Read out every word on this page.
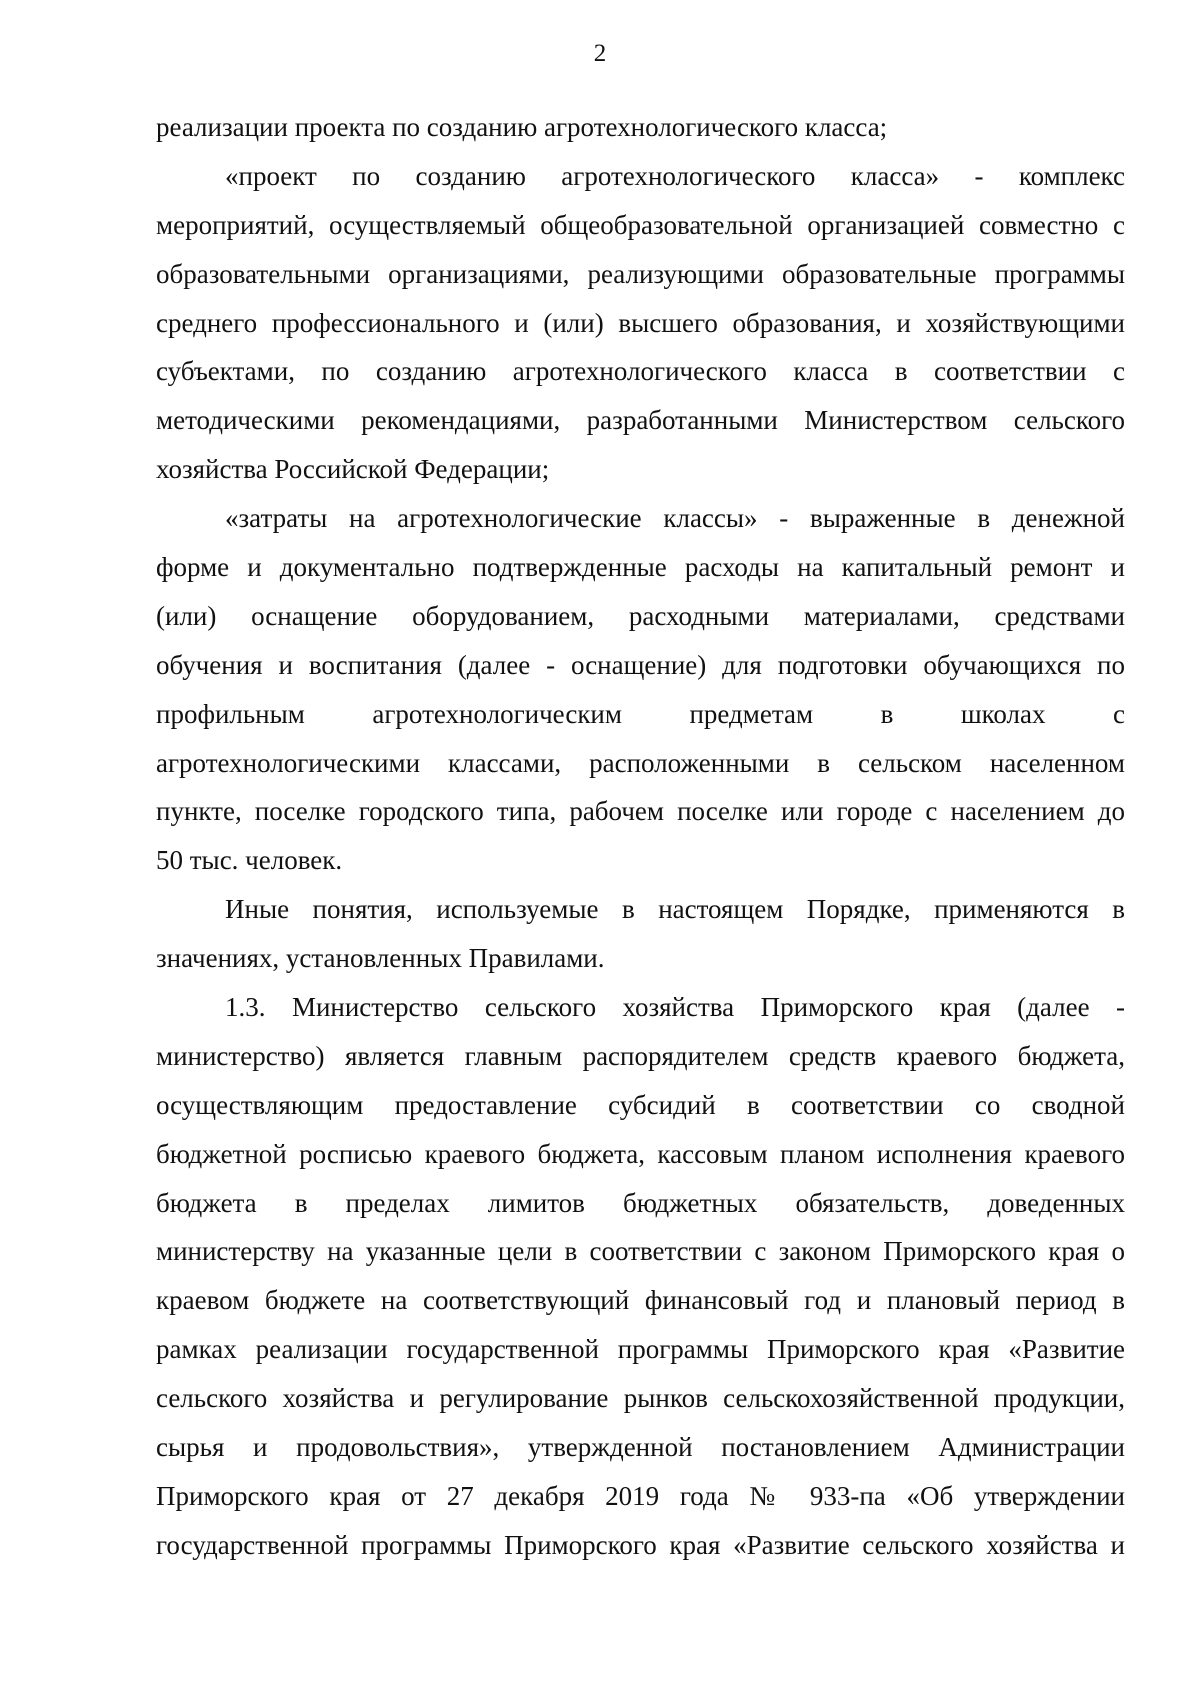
2
реализации проекта по созданию агротехнологического класса;
«проект по созданию агротехнологического класса» - комплекс
мероприятий, осуществляемый общеобразовательной организацией совместно с
образовательными организациями, реализующими образовательные программы
среднего профессионального и (или) высшего образования, и хозяйствующими
субъектами, по созданию агротехнологического класса в соответствии с
методическими рекомендациями, разработанными Министерством сельского
хозяйства Российской Федерации;
«затраты на агротехнологические классы» - выраженные в денежной
форме и документально подтвержденные расходы на капитальный ремонт и
(или) оснащение оборудованием, расходными материалами, средствами
обучения и воспитания (далее - оснащение) для подготовки обучающихся по
профильным агротехнологическим предметам в школах с
агротехнологическими классами, расположенными в сельском населенном
пункте, поселке городского типа, рабочем поселке или городе с населением до
50 тыс. человек.
Иные понятия, используемые в настоящем Порядке, применяются в
значениях, установленных Правилами.
1.3. Министерство сельского хозяйства Приморского края (далее -
министерство) является главным распорядителем средств краевого бюджета,
осуществляющим предоставление субсидий в соответствии со сводной
бюджетной росписью краевого бюджета, кассовым планом исполнения краевого
бюджета в пределах лимитов бюджетных обязательств, доведенных
министерству на указанные цели в соответствии с законом Приморского края о
краевом бюджете на соответствующий финансовый год и плановый период в
рамках реализации государственной программы Приморского края «Развитие
сельского хозяйства и регулирование рынков сельскохозяйственной продукции,
сырья и продовольствия», утвержденной постановлением Администрации
Приморского края от 27 декабря 2019 года № 933-па «Об утверждении
государственной программы Приморского края «Развитие сельского хозяйства и
